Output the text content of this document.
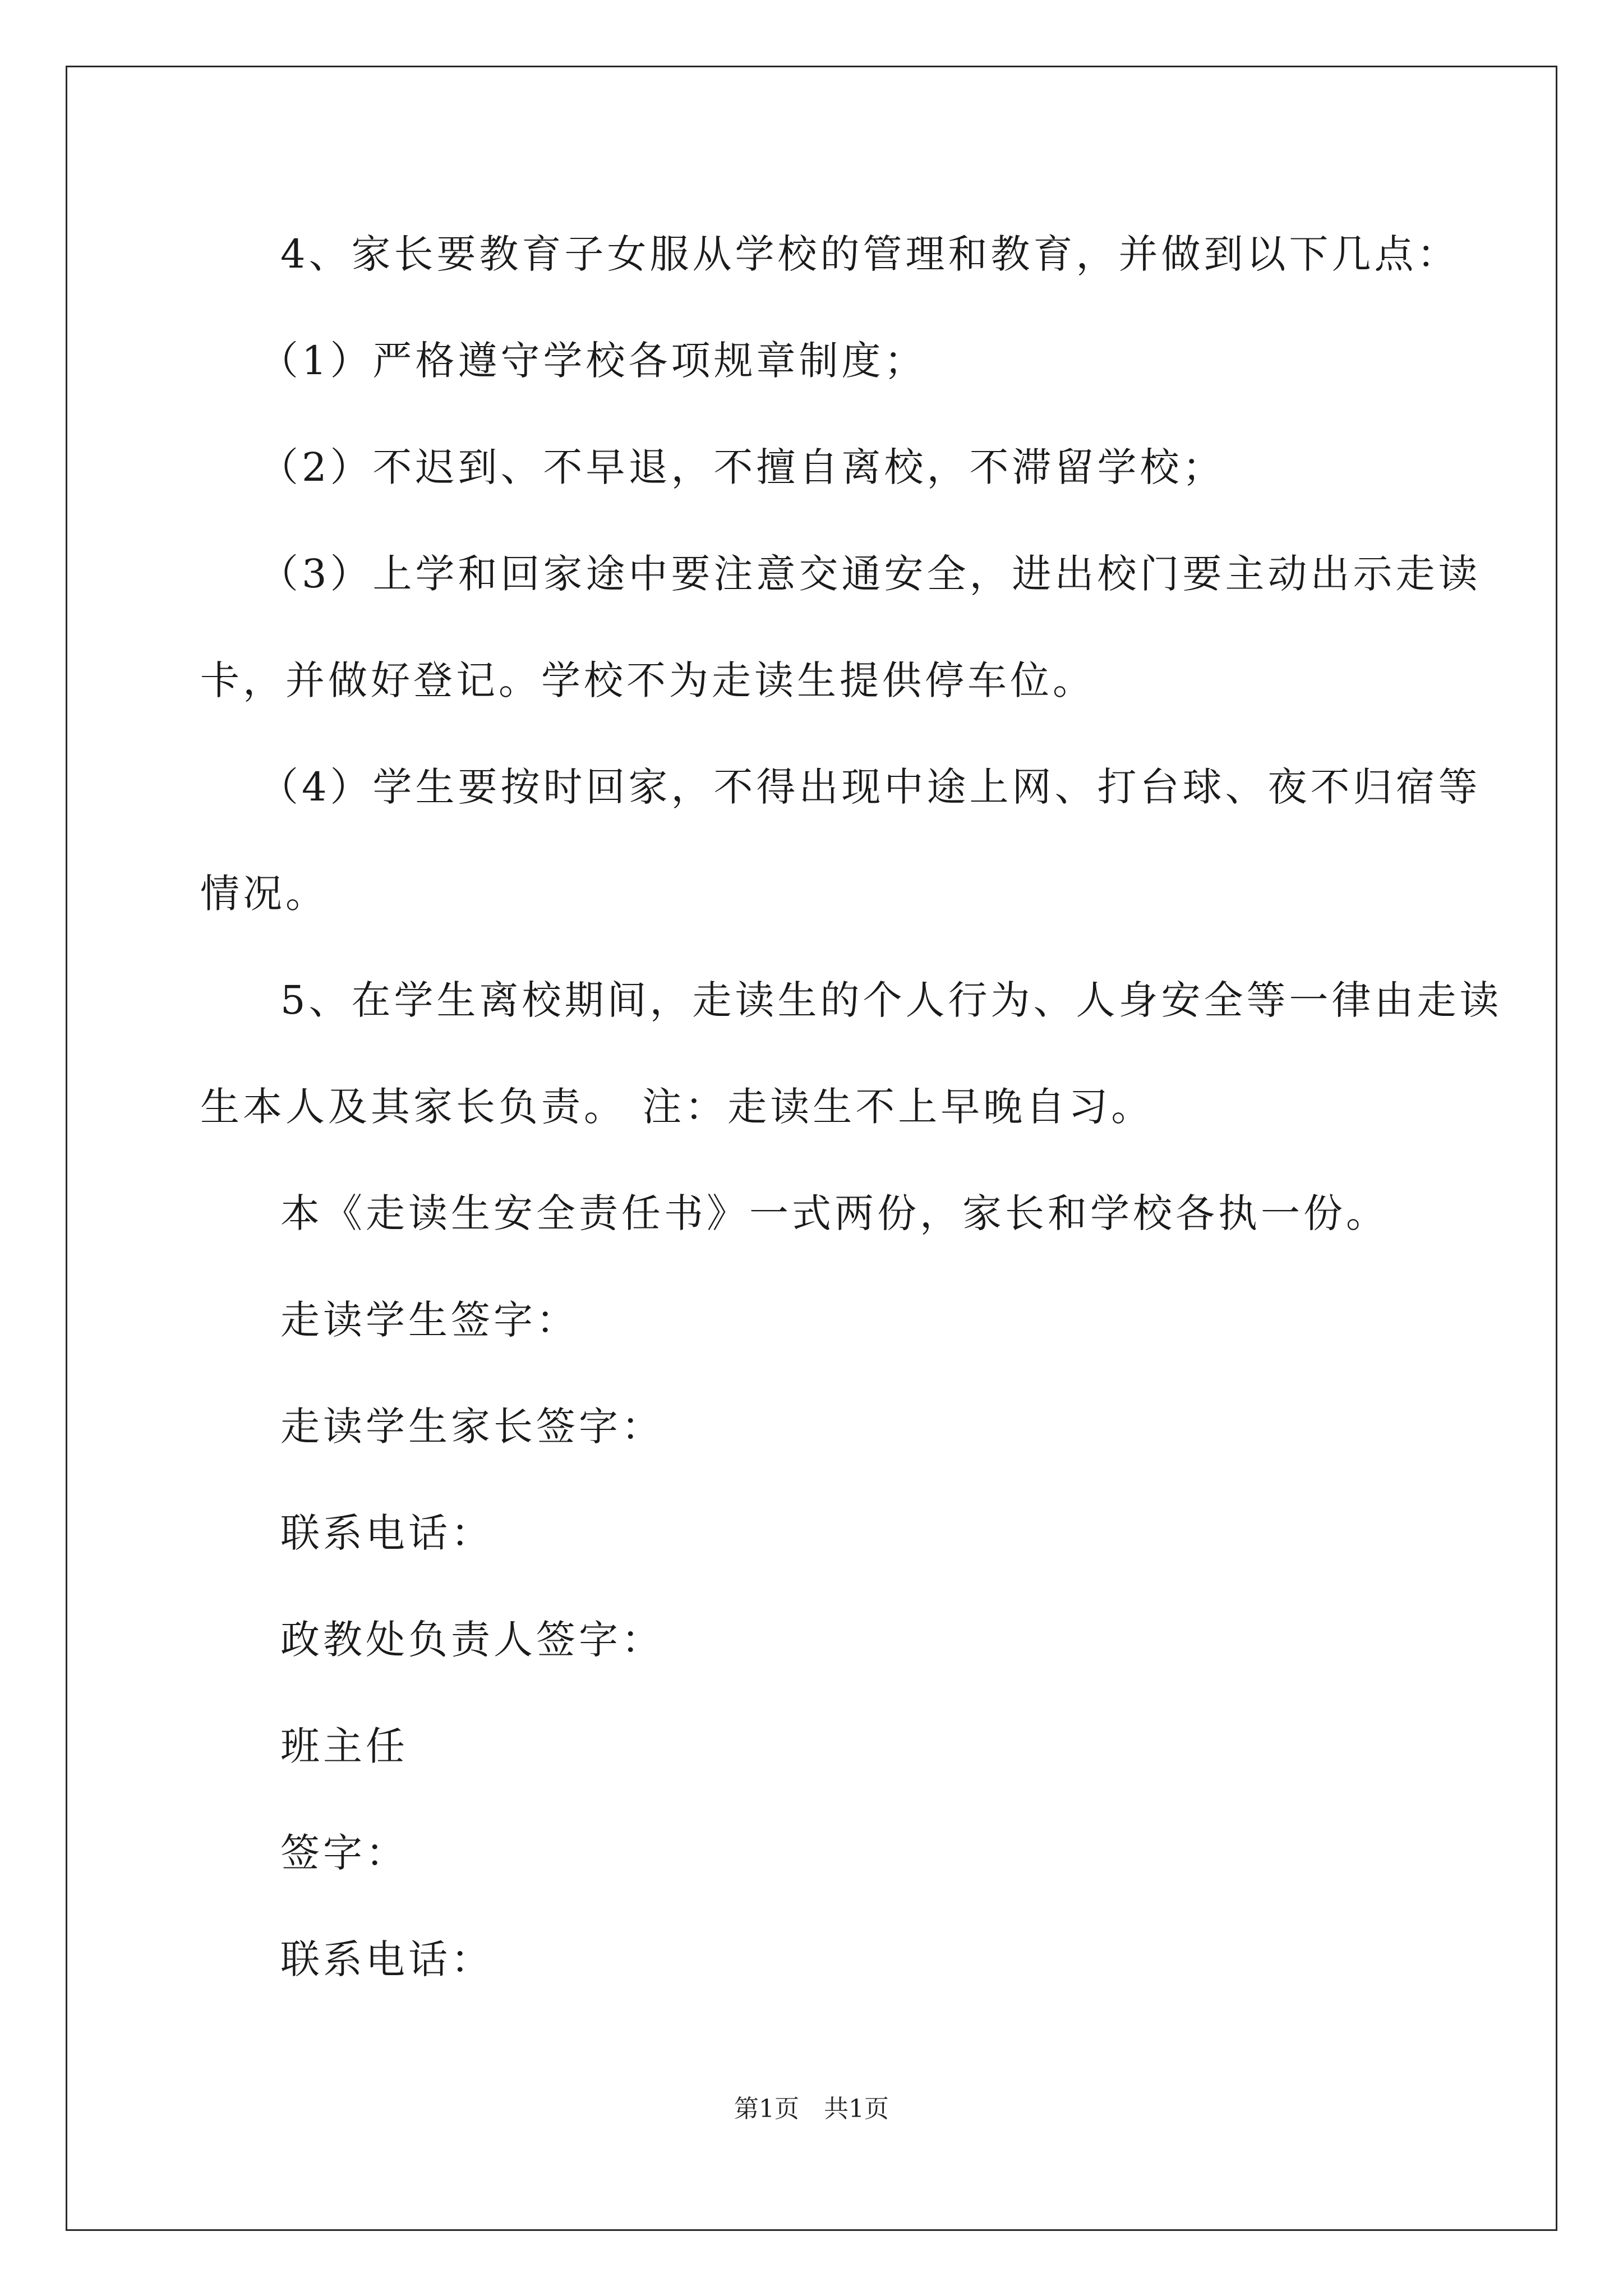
4、家长要教育子女服从学校的管理和教育，并做到以下几点：
（1）严格遵守学校各项规章制度；
（2）不迟到、不早退，不擅自离校，不滞留学校；
（3）上学和回家途中要注意交通安全，进出校门要主动出示走读
卡，并做好登记。学校不为走读生提供停车位。
（4）学生要按时回家，不得出现中途上网、打台球、夜不归宿等
情况。
5、在学生离校期间，走读生的个人行为、人身安全等一律由走读
生本人及其家长负责。 注：走读生不上早晚自习。
本《走读生安全责任书》一式两份，家长和学校各执一份。
走读学生签字：
走读学生家长签字：
联系电话：
政教处负责人签字：
班主任
签字：
联系电话：
第1页　共1页
